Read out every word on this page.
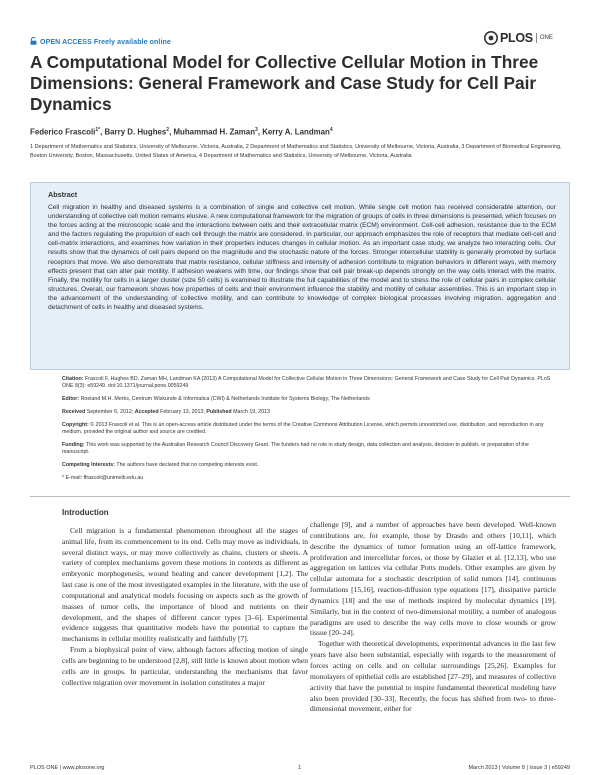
OPEN ACCESS Freely available online	PLOS	ONE
A Computational Model for Collective Cellular Motion in Three Dimensions: General Framework and Case Study for Cell Pair Dynamics
Federico Frascoli$^{1*}$, Barry D. Hughes$^2$, Muhammad H. Zaman$^3$, Kerry A. Landman$^4$
1 Department of Mathematics and Statistics, University of Melbourne, Victoria, Australia, 2 Department of Mathematics and Statistics, University of Melbourne, Victoria, Australia, 3 Department of Biomedical Engineering, Boston University, Boston, Massachusetts, United States of America, 4 Department of Mathematics and Statistics, University of Melbourne, Victoria, Australia
Abstract

Cell migration in healthy and diseased systems is a combination of single and collective cell motion. While single cell motion has received considerable attention, our understanding of collective cell motion remains elusive. A new computational framework for the migration of groups of cells in three dimensions is presented, which focuses on the forces acting at the microscopic scale and the interactions between cells and their extracellular matrix (ECM) environment. Cell-cell adhesion, resistance due to the ECM and the factors regulating the propulsion of each cell through the matrix are considered. In particular, our approach emphasizes the role of receptors that mediate cell-cell and cell-matrix interactions, and examines how variation in their properties induces changes in cellular motion. As an important case study, we analyze two interacting cells. Our results show that the dynamics of cell pairs depend on the magnitude and the stochastic nature of the forces. Stronger intercellular stability is generally promoted by surface receptors that move. We also demonstrate that matrix resistance, cellular stiffness and intensity of adhesion contribute to migration behaviors in different ways, with memory effects present that can alter pair motility. If adhesion weakens with time, our findings show that cell pair break-up depends strongly on the way cells interact with the matrix. Finally, the motility for cells in a larger cluster (size 50 cells) is examined to illustrate the full capabilities of the model and to stress the role of cellular pairs in complex cellular structures. Overall, our framework shows how properties of cells and their environment influence the stability and motility of cellular assemblies. This is an important step in the advancement of the understanding of collective motility, and can contribute to knowledge of complex biological processes involving migration, aggregation and detachment of cells in healthy and diseased systems.

Citation: Frascoli F, Hughes BD, Zaman MH, Landman KA (2013) A Computational Model for Collective Cellular Motion in Three Dimensions: General Framework and Case Study for Cell Pair Dynamics. PLoS ONE 8(3): e59249. doi:10.1371/journal.pone.0059249

Editor: Roeland M.H. Merks, Centrum Wiskunde & Informatica (CWI) & Netherlands Institute for Systems Biology, The Netherlands

Received September 6, 2012; Accepted February 13, 2013; Published March 19, 2013

Copyright: © 2013 Frascoli et al. This is an open-access article distributed under the terms of the Creative Commons Attribution License, which permits unrestricted use, distribution, and reproduction in any medium, provided the original author and source are credited.

Funding: This work was supported by the Australian Research Council Discovery Grant. The funders had no role in study design, data collection and analysis, decision to publish, or preparation of the manuscript.

Competing Interests: The authors have declared that no competing interests exist.

* E-mail: ffrascoli@unimelb.edu.au

Introduction

Cell migration is a fundamental phenomenon throughout all the stages of animal life, from its commencement to its end. Cells may move as individuals, in several distinct ways, or may move collectively as chains, clusters or sheets. A variety of complex mechanisms govern these motions in contexts as different as embryonic morphogenesis, wound healing and cancer development [1,2]. The last case is one of the most investigated examples in the literature, with the use of computational and analytical models focusing on aspects such as the growth of masses of tumor cells, the importance of blood and nutrients on their development, and the shapes of different cancer types [3–6]. Experimental evidence suggests that quantitative models have the potential to capture the mechanisms in cellular motility realistically and faithfully [7].

From a biophysical point of view, although factors affecting motion of single cells are beginning to be understood [2,8], still little is known about motion when cells are in groups. In particular, understanding the mechanisms that favor collective migration over movement in isolation constitutes a major

challenge [9], and a number of approaches have been developed. Well-known contributions are, for example, those by Drasdo and others [10,11], which describe the dynamics of tumor formation using an off-lattice framework, proliferation and intercellular forces, or those by Glazier et al. [12,13], who use aggregation on lattices via cellular Potts models. Other examples are given by cellular automata for a stochastic description of solid tumors [14], continuous formulations [15,16], reaction-diffusion type equations [17], dissipative particle dynamics [18] and the use of methods inspired by molecular dynamics [19]. Similarly, but in the context of two-dimensional motility, a number of analogous paradigms are used to describe the way cells move to close wounds or grow tissue [20–24].

Together with theoretical developments, experimental advances in the last few years have also been substantial, especially with regards to the measurement of forces acting on cells and on cellular surroundings [25,26]. Examples for monolayers of epithelial cells are established [27–29], and measures of collective activity that have the potential to inspire fundamental theoretical modeling have also been provided [30–33]. Recently, the focus has shifted from two- to three-dimensional movement, either for

PLOS ONE | www.plosone.org	1	March 2013 | Volume 8 | Issue 3 | e59249
